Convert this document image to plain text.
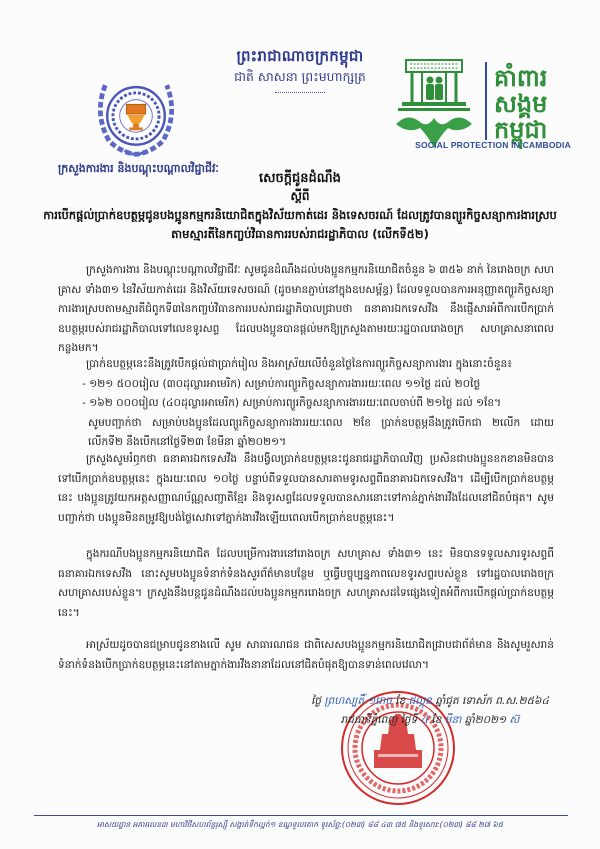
ព្រះរាជាណាចក្រកម្ពុជា
ជាតិ សាសនា ព្រះមហាក្សត្រ	គាំពារ
សង្គម
កម្ពុជា
SOCIAL PROTECTION IN CAMBODIA
ក្រសួងការងារ និងបណ្តុះបណ្តាលវិជ្ជាជីវៈ
សេចក្តីជូនដំណឹង
ស្តីពី
ការបើកផ្តល់ប្រាក់ឧបត្ថម្ភជូនបងប្អូនកម្មករនិយោជិតក្នុងវិស័យកាត់ដេរ និងទេសចរណ៍ ដែលត្រូវបានព្យួរកិច្ចសន្យាការងារស្របតាមស្មារតីនៃកញ្ចប់វិធានការរបស់រាជរដ្ឋាភិបាល (លើកទី៥២)

ក្រសួងការងារ និងបណ្តុះបណ្តាលវិជ្ជាជីវៈ សូមជូនដំណឹងដល់បងប្អូនកម្មករនិយោជិតចំនួន ៦ ៣៥៦ នាក់ នៃរោងចក្រ សហគ្រាស ទាំង៣១ នៃវិស័យកាត់ដេរ និងវិស័យទេសចរណ៍ (ដូចមានភ្ជាប់នៅក្នុងឧបសម្ព័ន្ធ) ដែលទទួលបានការអនុញ្ញាតព្យួរកិច្ចសន្យាការងារស្របតាមស្មារតីជំពូកទី៣នៃកញ្ចប់វិធានការរបស់រាជរដ្ឋាភិបាលជ្រាបថា ធនាគារឯកទេសវីង នឹងផ្ញើសារអំពីការបើកប្រាក់ឧបត្ថម្ភរបស់រាជរដ្ឋាភិបាលទៅលេខទូរសព្ទ ដែលបងប្អូនបានផ្តល់មកឱ្យក្រសួងតាមរយៈរដ្ឋបាលរោងចក្រ សហគ្រាសនាពេលកន្លងមក។

ប្រាក់ឧបត្ថម្ភនេះនឹងត្រូវបើកផ្តល់ជាប្រាក់រៀល និងអាស្រ័យលើចំនួនថ្ងៃនៃការព្យួរកិច្ចសន្យាការងារ ក្នុងនោះចំនួន៖

- ១២១ ៥០០រៀល (៣០ដុល្លារអាមេរិក) សម្រាប់ការព្យួរកិច្ចសន្យាការងាររយៈពេល ១១ថ្ងៃ ដល់ ២០ថ្ងៃ
- ១៦២ ០០០រៀល (៤០ដុល្លារអាមេរិក) សម្រាប់ការព្យួរកិច្ចសន្យាការងាររយៈពេលចាប់ពី ២១ថ្ងៃ ដល់ ១ខែ។
សូមបញ្ជាក់ថា សម្រាប់បងប្អូនដែលព្យួរកិច្ចសន្យាការងាររយៈពេល ២ខែ ប្រាក់ឧបត្ថម្ភនឹងត្រូវបើកជា ២លើក ដោយលើកទី២ នឹងបើកនៅថ្ងៃទី២៣ ខែមីនា ឆ្នាំ២០២១។

ក្រសួងសូមរំឭកថា ធនាគារឯកទេសវីង នឹងបង្វិលប្រាក់ឧបត្ថម្ភនេះជូនរាជរដ្ឋាភិបាលវិញ ប្រសិនជាបងប្អូនខកខានមិនបានទៅបើកប្រាក់ឧបត្ថម្ភនេះ ក្នុងរយៈពេល ១០ថ្ងៃ បន្ទាប់ពីទទួលបានសារតាមទូរសព្ទពីធនាគារឯកទេសវីង។ ដើម្បីបើកប្រាក់ឧបត្ថម្ភនេះ បងប្អូនត្រូវយកអត្តសញ្ញាណប័ណ្ណសញ្ជាតិខ្មែរ និងទូរសព្ទដែលទទួលបានសារនោះទៅកាន់ភ្នាក់ងារវីងដែលនៅជិតបំផុត។ សូមបញ្ជាក់ថា បងប្អូនមិនតម្រូវឱ្យបង់ថ្លៃសេវាទៅភ្នាក់ងារវីងឡើយពេលបើកប្រាក់ឧបត្ថម្ភនេះ។

ក្នុងករណីបងប្អូនកម្មករនិយោជិត ដែលបម្រើការងារនៅរោងចក្រ សហគ្រាស ទាំង៣១ នេះ មិនបានទទួលសារទូរសព្ទពីធនាគារឯកទេសវីង នោះសូមបងប្អូនទំនាក់ទំនងសួរព័ត៌មានបន្ថែម ឬធ្វើបច្ចុប្បន្នភាពលេខទូរសព្ទរបស់ខ្លួន ទៅរដ្ឋបាលរោងចក្រ សហគ្រាសរបស់ខ្លួន។ ក្រសួងនឹងបន្តជូនដំណឹងដល់បងប្អូនកម្មកររោងចក្រ សហគ្រាសដទៃផ្សេងទៀតអំពីការបើកផ្តល់ប្រាក់ឧបត្ថម្ភនេះ។

អាស្រ័យដូចបានជម្រាបជូនខាងលើ សូម សាធារណជន ជាពិសេសបងប្អូនកម្មករនិយោជិតជ្រាបជាព័ត៌មាន និងសូមរួសរាន់ទំនាក់ទំនងបើកប្រាក់ឧបត្ថម្ភនេះនៅតាមភ្នាក់ងារវីងនានាដែលនៅជិតបំផុតឱ្យបានទាន់ពេលវេលា។

ថ្ងៃ ព្រហស្បតិ៍ ១រោច ខែ ផល្គុន ឆ្នាំជូត ទោស័ក ព.ស.២៥៦៤
រាជធានីភ្នំពេញ ថ្ងៃទី ៤ ខែ មីនា ឆ្នាំ២០២១ ស៊
អាសយដ្ឋាន អគារលេខ៣ មហាវិថីសហព័ន្ធរុស្ស៊ី សង្កាត់ទឹកល្អក់១ ខណ្ឌទួលគោក ទូរស័ព្ទ:(០២៣) ៨៨ ៤៣ ៧៥ និងទូរសារ:(០២៣) ៨៨ ២៧ ៦៥
